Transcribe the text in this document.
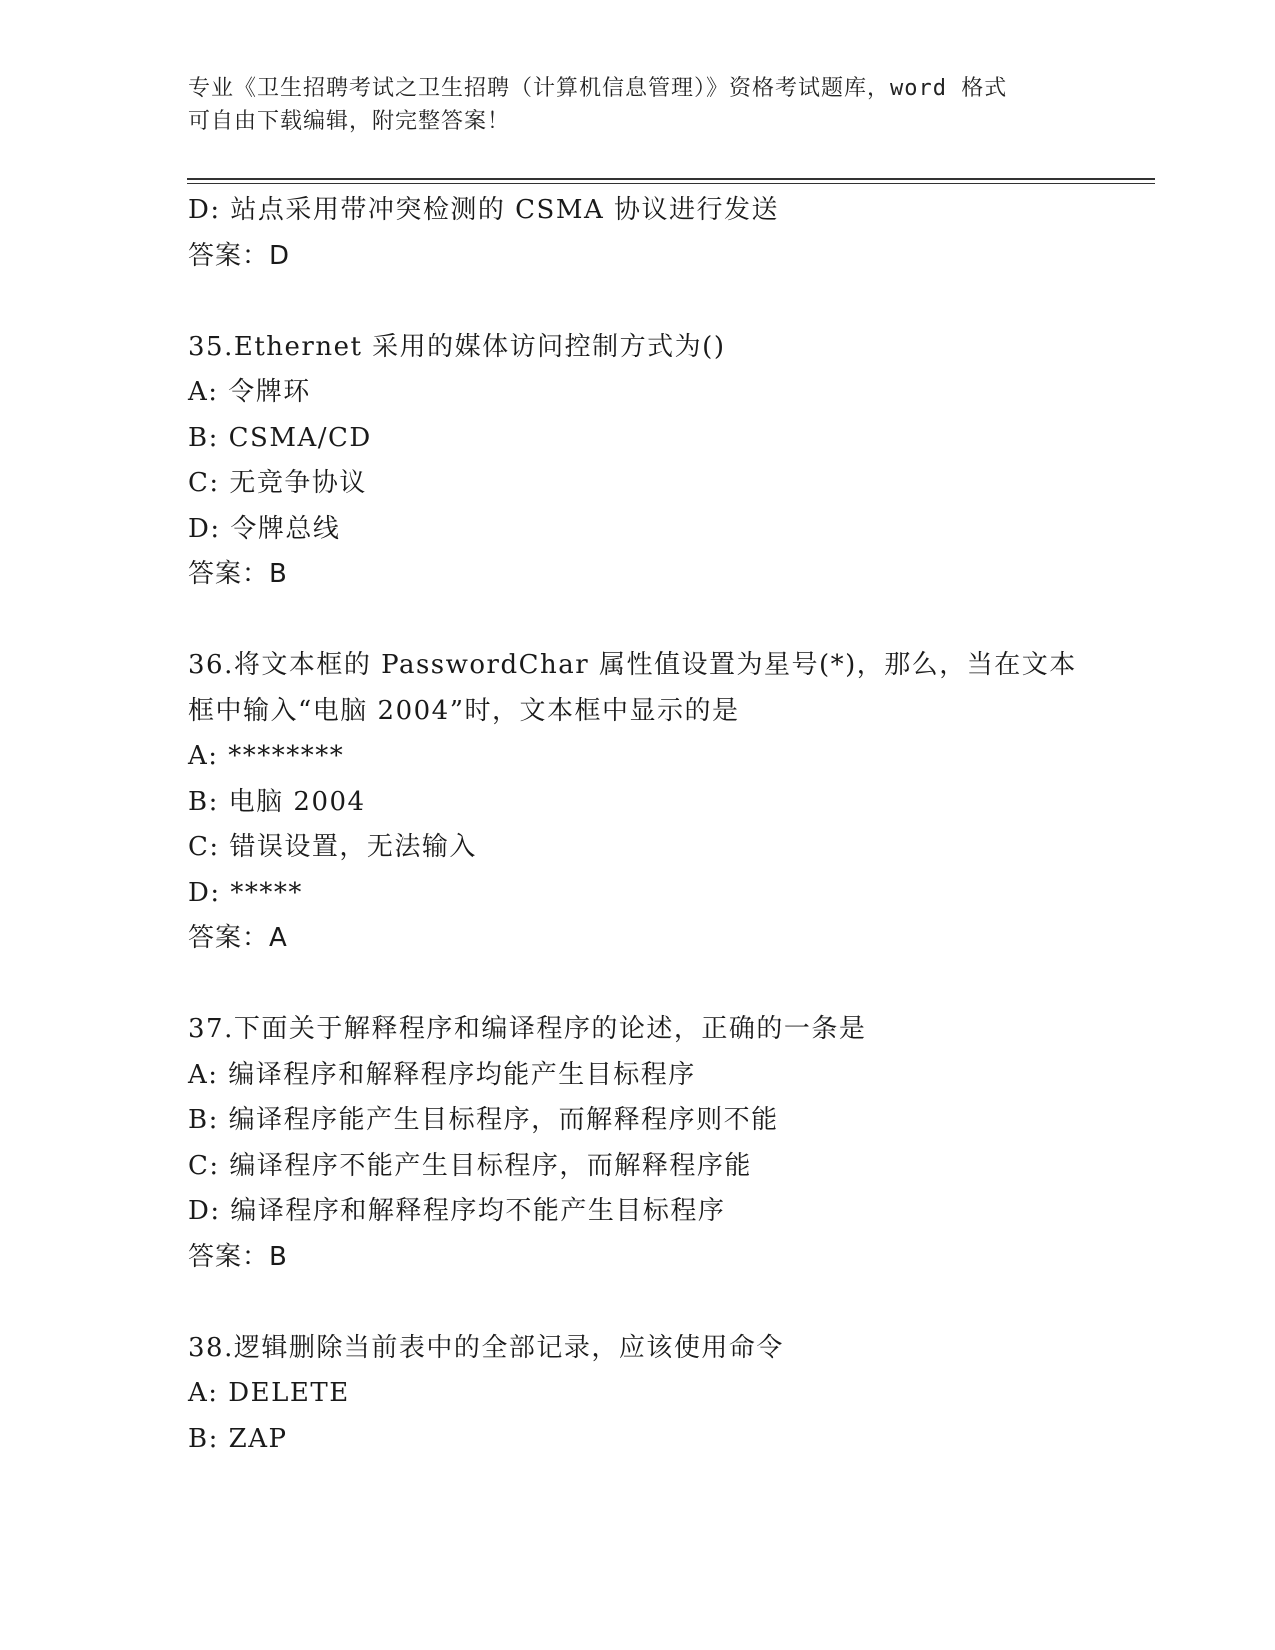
专业《卫生招聘考试之卫生招聘（计算机信息管理）》资格考试题库，word 格式
可自由下载编辑，附完整答案！
D: 站点采用带冲突检测的 CSMA 协议进行发送
答案：D
35.Ethernet 采用的媒体访问控制方式为()
A: 令牌环
B: CSMA/CD
C: 无竞争协议
D: 令牌总线
答案：B
36.将文本框的 PasswordChar 属性值设置为星号(*)，那么，当在文本
框中输入“电脑 2004”时，文本框中显示的是
A: ********
B: 电脑 2004
C: 错误设置，无法输入
D: *****
答案：A
37.下面关于解释程序和编译程序的论述，正确的一条是
A: 编译程序和解释程序均能产生目标程序
B: 编译程序能产生目标程序，而解释程序则不能
C: 编译程序不能产生目标程序，而解释程序能
D: 编译程序和解释程序均不能产生目标程序
答案：B
38.逻辑删除当前表中的全部记录，应该使用命令
A: DELETE
B: ZAP
